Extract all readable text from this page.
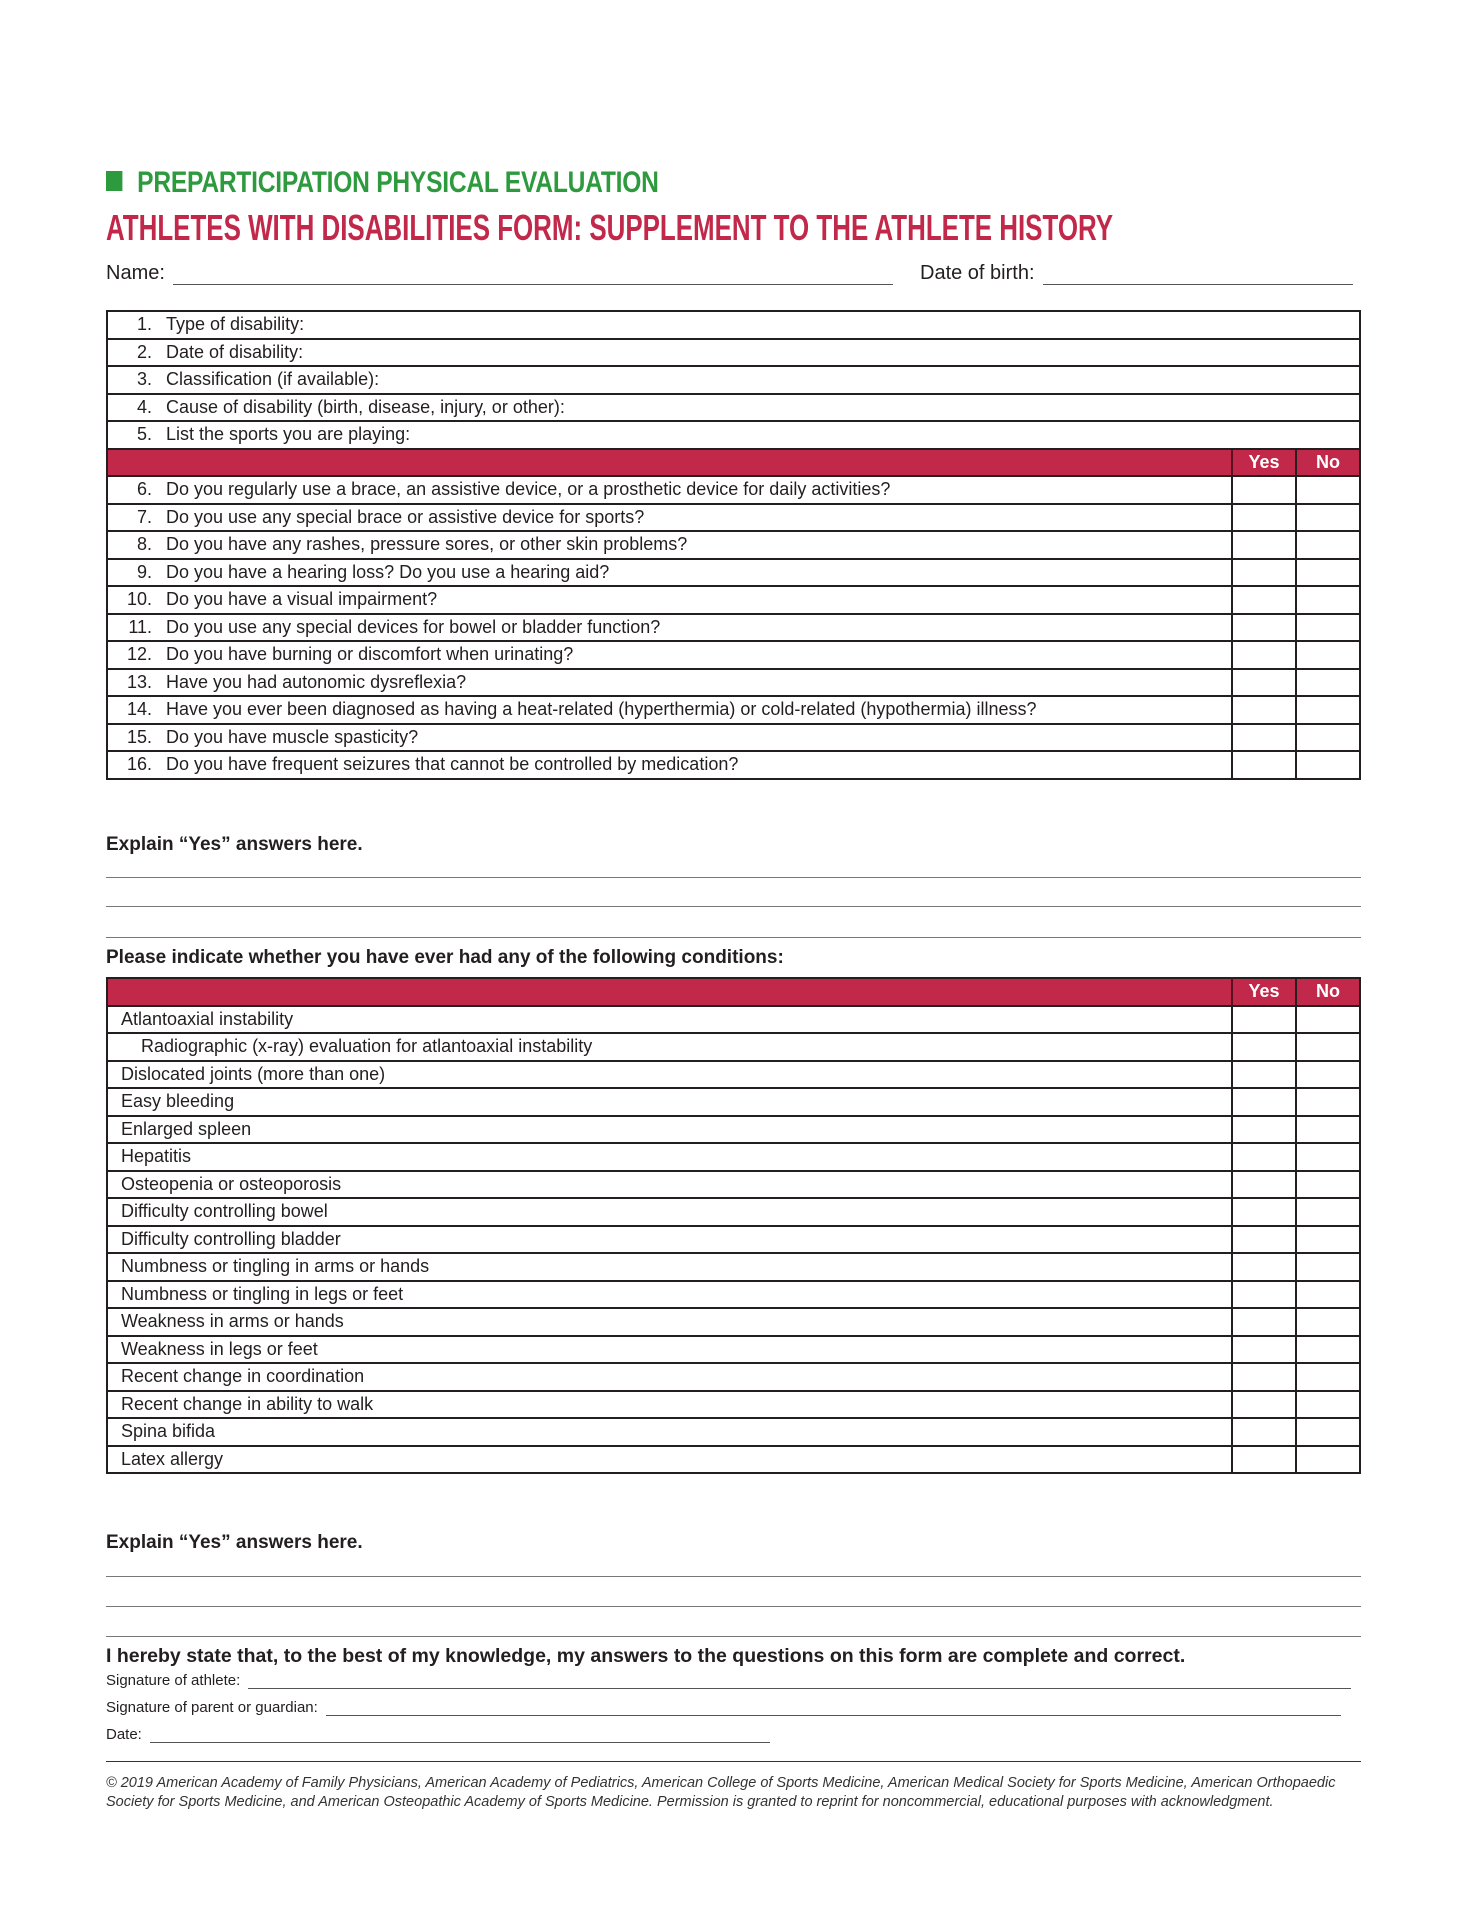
PREPARTICIPATION PHYSICAL EVALUATION
ATHLETES WITH DISABILITIES FORM: SUPPLEMENT TO THE ATHLETE HISTORY
Name:	Date of birth:
1. Type of disability:		
2. Date of disability:		
3. Classification (if available):		
4. Cause of disability (birth, disease, injury, or other):		
5. List the sports you are playing:		
	Yes	No
6. Do you regularly use a brace, an assistive device, or a prosthetic device for daily activities?		
7. Do you use any special brace or assistive device for sports?		
8. Do you have any rashes, pressure sores, or other skin problems?		
9. Do you have a hearing loss? Do you use a hearing aid?		
10. Do you have a visual impairment?		
11. Do you use any special devices for bowel or bladder function?		
12. Do you have burning or discomfort when urinating?		
13. Have you had autonomic dysreflexia?		
14. Have you ever been diagnosed as having a heat-related (hyperthermia) or cold-related (hypothermia) illness?		
15. Do you have muscle spasticity?		
16. Do you have frequent seizures that cannot be controlled by medication?		
Explain “Yes” answers here.
Please indicate whether you have ever had any of the following conditions:
	Yes	No
Atlantoaxial instability		
Radiographic (x-ray) evaluation for atlantoaxial instability		
Dislocated joints (more than one)		
Easy bleeding		
Enlarged spleen		
Hepatitis		
Osteopenia or osteoporosis		
Difficulty controlling bowel		
Difficulty controlling bladder		
Numbness or tingling in arms or hands		
Numbness or tingling in legs or feet		
Weakness in arms or hands		
Weakness in legs or feet		
Recent change in coordination		
Recent change in ability to walk		
Spina bifida		
Latex allergy		
Explain “Yes” answers here.
I hereby state that, to the best of my knowledge, my answers to the questions on this form are complete and correct.
Signature of athlete:
Signature of parent or guardian:
Date:
© 2019 American Academy of Family Physicians, American Academy of Pediatrics, American College of Sports Medicine, American Medical Society for Sports Medicine, American Orthopaedic Society for Sports Medicine, and American Osteopathic Academy of Sports Medicine. Permission is granted to reprint for noncommercial, educational purposes with acknowledgment.
